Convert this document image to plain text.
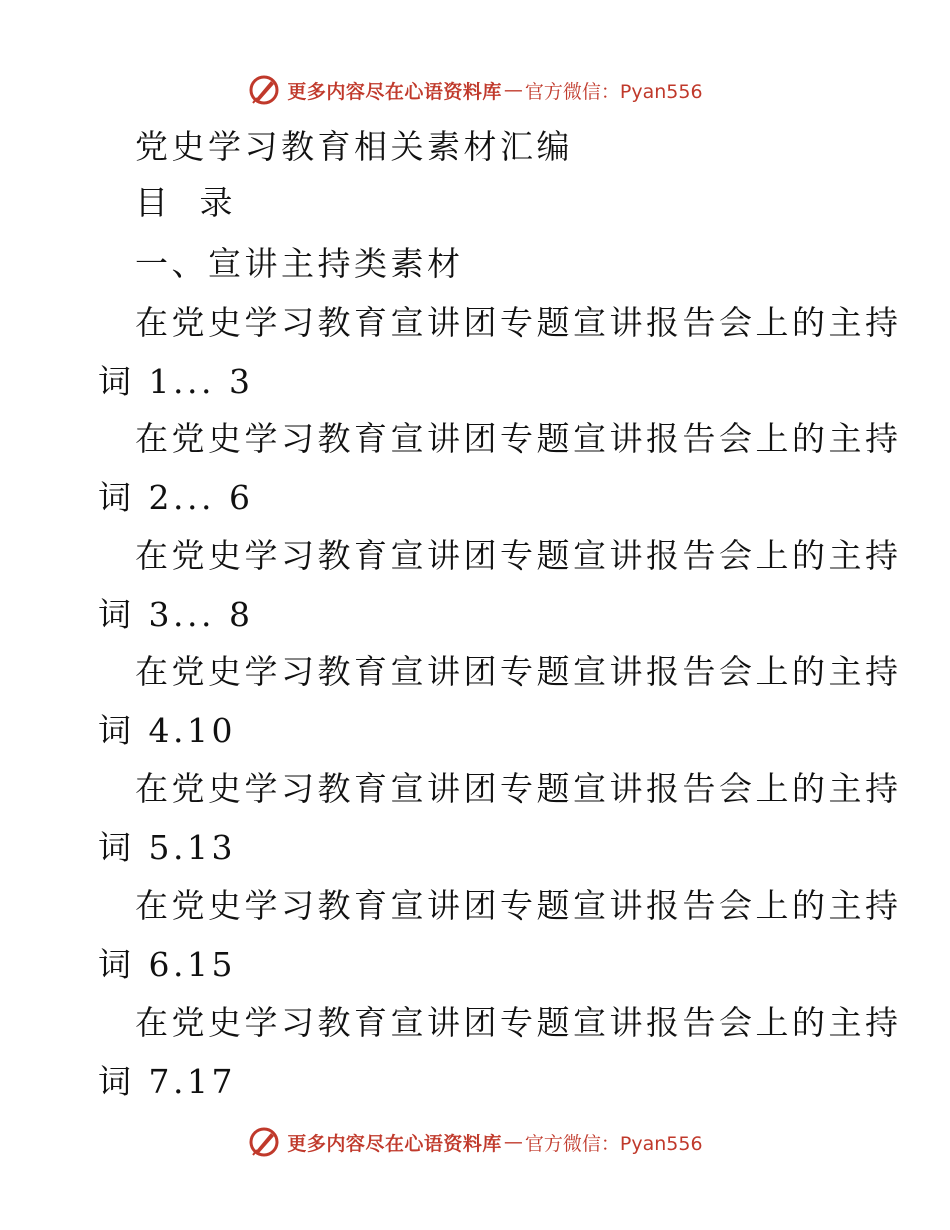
更多内容尽在心语资料库 — 官方微信：Pyan556
党史学习教育相关素材汇编
目  录
一、宣讲主持类素材
在党史学习教育宣讲团专题宣讲报告会上的主持
词 1... 3
在党史学习教育宣讲团专题宣讲报告会上的主持
词 2... 6
在党史学习教育宣讲团专题宣讲报告会上的主持
词 3... 8
在党史学习教育宣讲团专题宣讲报告会上的主持
词 4.10
在党史学习教育宣讲团专题宣讲报告会上的主持
词 5.13
在党史学习教育宣讲团专题宣讲报告会上的主持
词 6.15
在党史学习教育宣讲团专题宣讲报告会上的主持
词 7.17
更多内容尽在心语资料库 — 官方微信：Pyan556
